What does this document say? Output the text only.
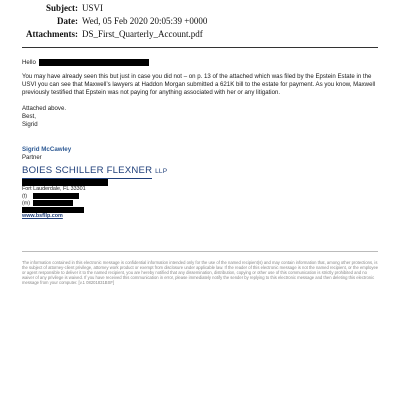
Subject: USVI
Date: Wed, 05 Feb 2020 20:05:39 +0000
Attachments: DS_First_Quarterly_Account.pdf

Hello

You may have already seen this but just in case you did not – on p. 13 of the attached which was filed by the Epstein Estate in the USVI you can see that Maxwell’s lawyers at Haddon Morgan submitted a 621K bill to the estate for payment. As you know, Maxwell previously testified that Epstein was not paying for anything associated with her or any litigation.

Attached above.

Best,

Sigrid

Sigrid McCawley
Partner
BOIES SCHILLER FLEXNER LLP
Fort Lauderdale, FL 33301
(t)
(m)
www.bsfllp.com
The information contained in this electronic message is confidential information intended only for the use of the named recipient(s) and may contain information that, among other protections, is the subject of attorney-client privilege, attorney work product or exempt from disclosure under applicable law. If the reader of this electronic message is not the named recipient, or the employee or agent responsible to deliver it to the named recipient, you are hereby notified that any dissemination, distribution, copying or other use of this communication is strictly prohibited and no waiver of any privilege is waived. If you have received this communication in error, please immediately notify the sender by replying to this electronic message and then deleting this electronic message from your computer. [v.1 08201831BSF]
